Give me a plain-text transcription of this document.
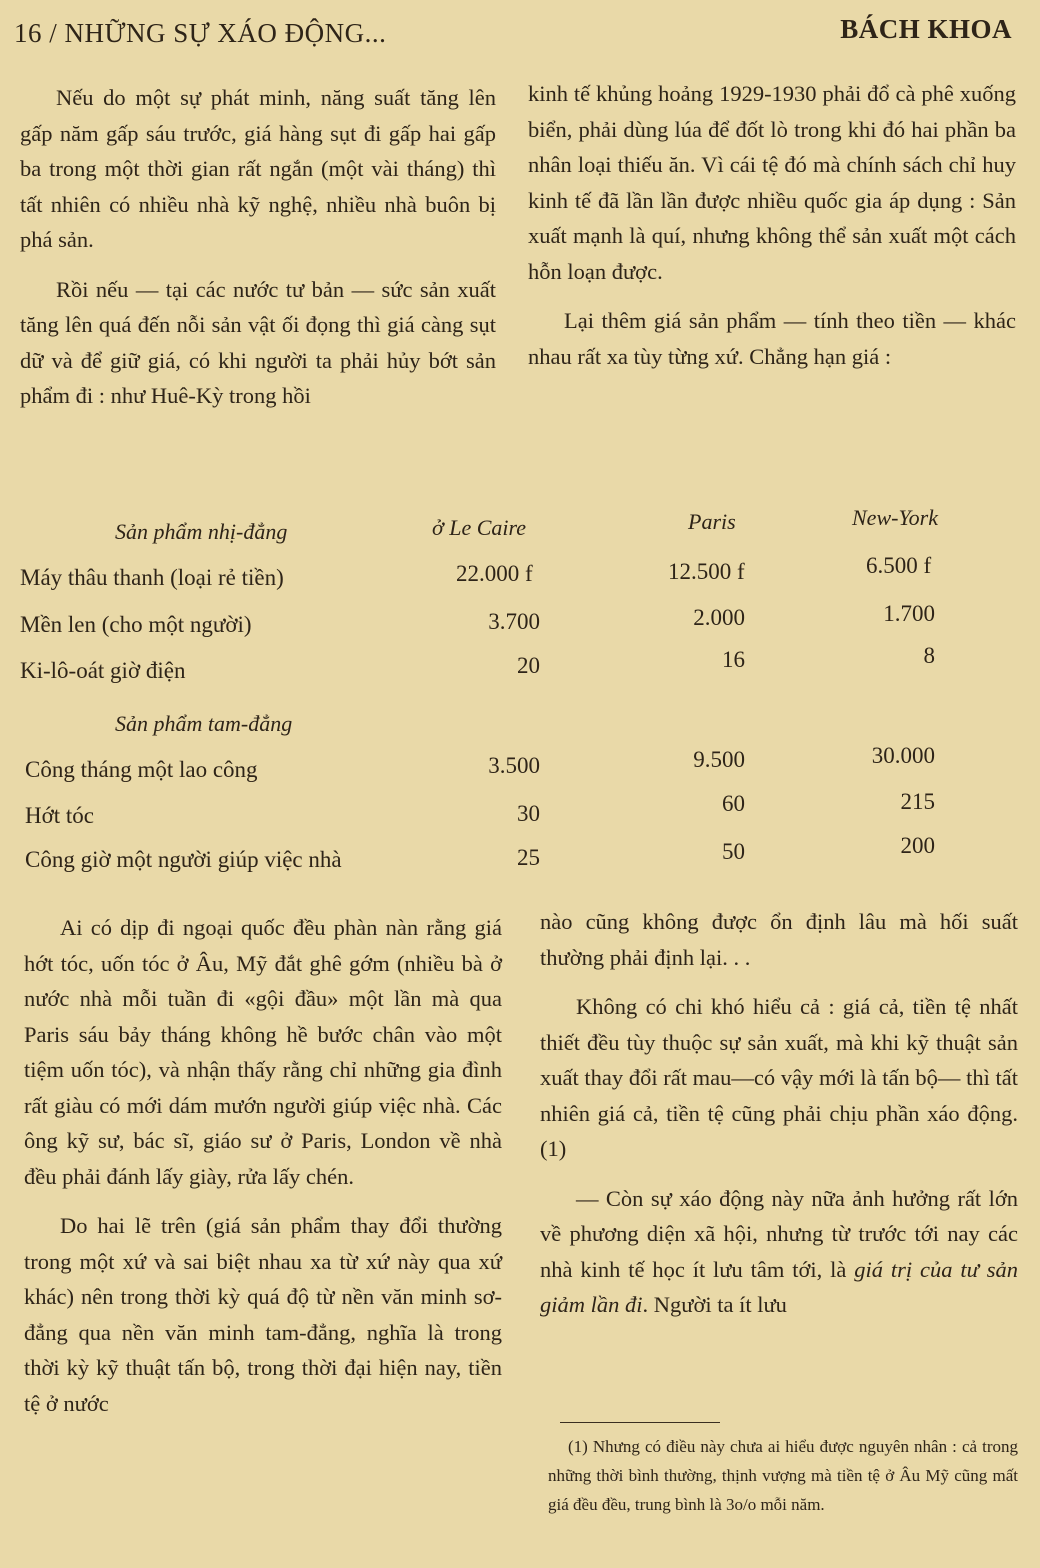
16 / NHỮNG SỰ XÁO ĐỘNG...	BÁCH KHOA

Nếu do một sự phát minh, năng suất tăng lên gấp năm gấp sáu trước, giá hàng sụt đi gấp hai gấp ba trong một thời gian rất ngắn (một vài tháng) thì tất nhiên có nhiều nhà kỹ nghệ, nhiều nhà buôn bị phá sản.

Rồi nếu — tại các nước tư bản — sức sản xuất tăng lên quá đến nỗi sản vật ối đọng thì giá càng sụt dữ và để giữ giá, có khi người ta phải hủy bớt sản phẩm đi : như Huê-Kỳ trong hồi

kinh tế khủng hoảng 1929-1930 phải đổ cà phê xuống biển, phải dùng lúa để đốt lò trong khi đó hai phần ba nhân loại thiếu ăn. Vì cái tệ đó mà chính sách chỉ huy kinh tế đã lần lần được nhiều quốc gia áp dụng : Sản xuất mạnh là quí, nhưng không thể sản xuất một cách hỗn loạn được.

Lại thêm giá sản phẩm — tính theo tiền — khác nhau rất xa tùy từng xứ. Chẳng hạn giá :

Sản phẩm nhị-đẳng	ở Le Caire	Paris	New-York
Máy thâu thanh (loại rẻ tiền)	22.000 f	12.500 f	6.500 f
Mền len (cho một người)	3.700	2.000	1.700
Ki-lô-oát giờ điện	20	16	8
Sản phẩm tam-đẳng
Công tháng một lao công	3.500	9.500	30.000
Hớt tóc	30	60	215
Công giờ một người giúp việc nhà	25	50	200

Ai có dịp đi ngoại quốc đều phàn nàn rằng giá hớt tóc, uốn tóc ở Âu, Mỹ đắt ghê gớm (nhiều bà ở nước nhà mỗi tuần đi «gội đầu» một lần mà qua Paris sáu bảy tháng không hề bước chân vào một tiệm uốn tóc), và nhận thấy rằng chỉ những gia đình rất giàu có mới dám mướn người giúp việc nhà. Các ông kỹ sư, bác sĩ, giáo sư ở Paris, London về nhà đều phải đánh lấy giày, rửa lấy chén.

Do hai lẽ trên (giá sản phẩm thay đổi thường trong một xứ và sai biệt nhau xa từ xứ này qua xứ khác) nên trong thời kỳ quá độ từ nền văn minh sơ-đẳng qua nền văn minh tam-đẳng, nghĩa là trong thời kỳ kỹ thuật tấn bộ, trong thời đại hiện nay, tiền tệ ở nước

nào cũng không được ổn định lâu mà hối suất thường phải định lại. . .

Không có chi khó hiểu cả : giá cả, tiền tệ nhất thiết đều tùy thuộc sự sản xuất, mà khi kỹ thuật sản xuất thay đổi rất mau—có vậy mới là tấn bộ— thì tất nhiên giá cả, tiền tệ cũng phải chịu phần xáo động. (1)

— Còn sự xáo động này nữa ảnh hưởng rất lớn về phương diện xã hội, nhưng từ trước tới nay các nhà kinh tế học ít lưu tâm tới, là giá trị của tư sản giảm lần đi. Người ta ít lưu

(1) Nhưng có điều này chưa ai hiểu được nguyên nhân : cả trong những thời bình thường, thịnh vượng mà tiền tệ ở Âu Mỹ cũng mất giá đều đều, trung bình là 3o/o mỗi năm.
